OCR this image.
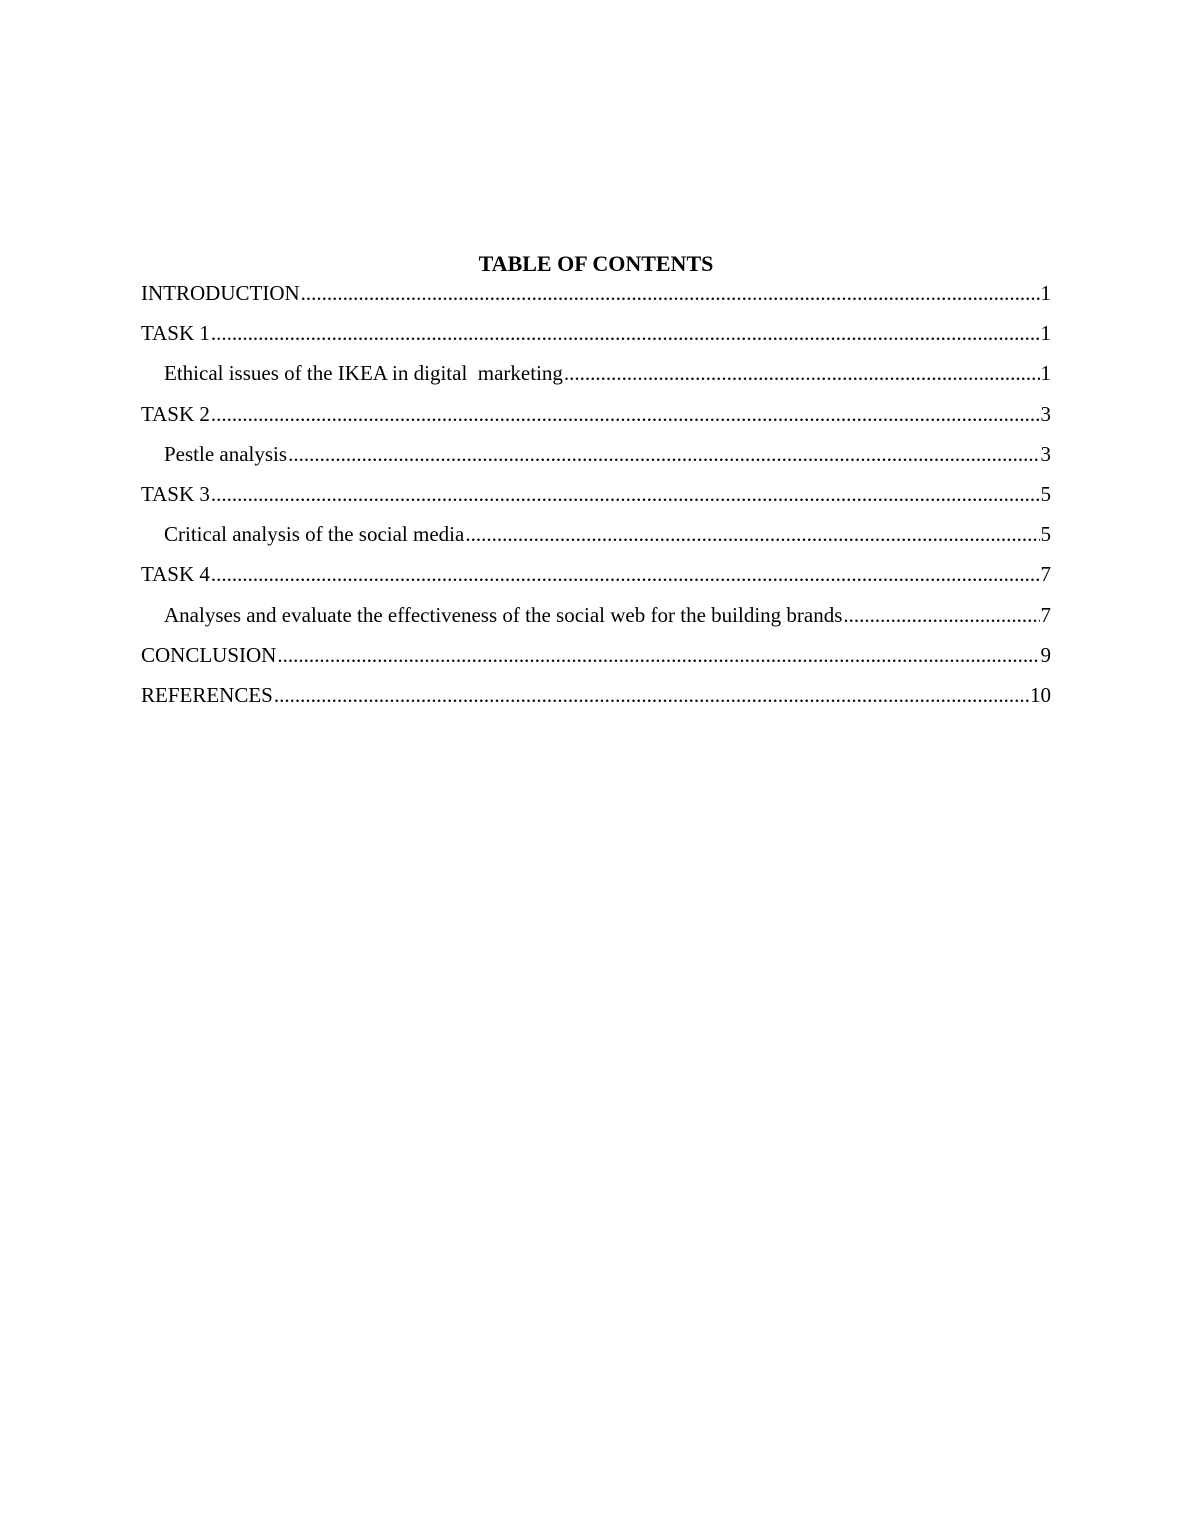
TABLE OF CONTENTS
INTRODUCTION .....	1
TASK 1 .....	1
Ethical issues of the IKEA in digital  marketing .....	1
TASK 2 .....	3
Pestle analysis .....	3
TASK 3 .....	5
Critical analysis of the social media .....	5
TASK 4 .....	7
Analyses and evaluate the effectiveness of the social web for the building brands .....	7
CONCLUSION .....	9
REFERENCES .....	10
